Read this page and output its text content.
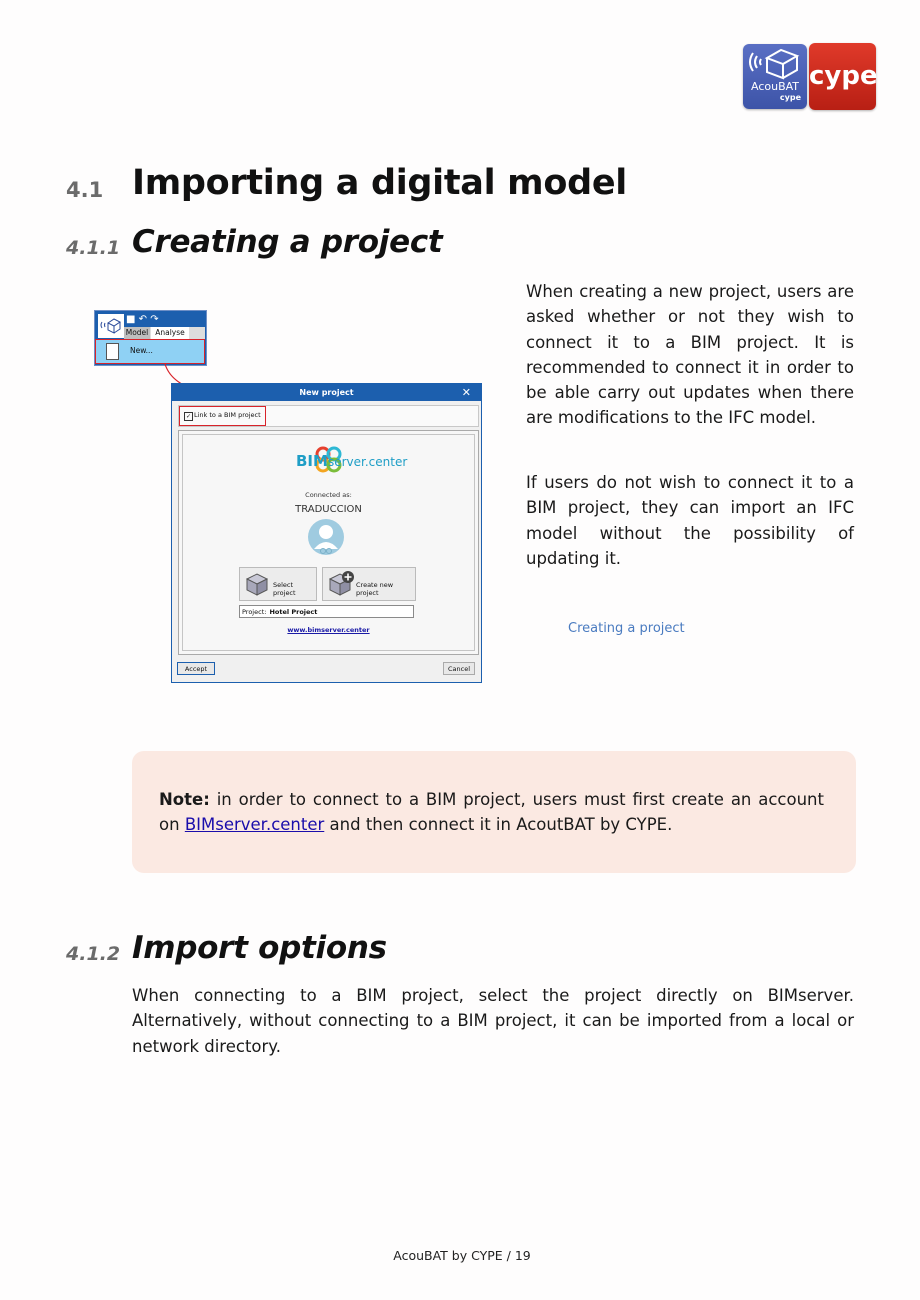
AcouBAT
cype
cype
4.1 Importing a digital model
4.1.1 Creating a project
When creating a new project, users are asked whether or not they wish to connect it to a BIM project. It is recommended to connect it in order to be able carry out updates when there are modifications to the IFC model.
If users do not wish to connect it to a BIM project, they can import an IFC model without the possibility of updating it.
Creating a project
■ ↶ ↷
Model Analyse
New...
New project	✕
✓ Link to a BIM project
BIMserver.center
Connected as:
TRADUCCION
Select project
Create new project
Project: Hotel Project
www.bimserver.center
Accept	Cancel
Note: in order to connect to a BIM project, users must first create an account on BIMserver.center and then connect it in AcoutBAT by CYPE.
4.1.2 Import options
When connecting to a BIM project, select the project directly on BIMserver. Alternatively, without connecting to a BIM project, it can be imported from a local or network directory.
AcouBAT by CYPE / 19
